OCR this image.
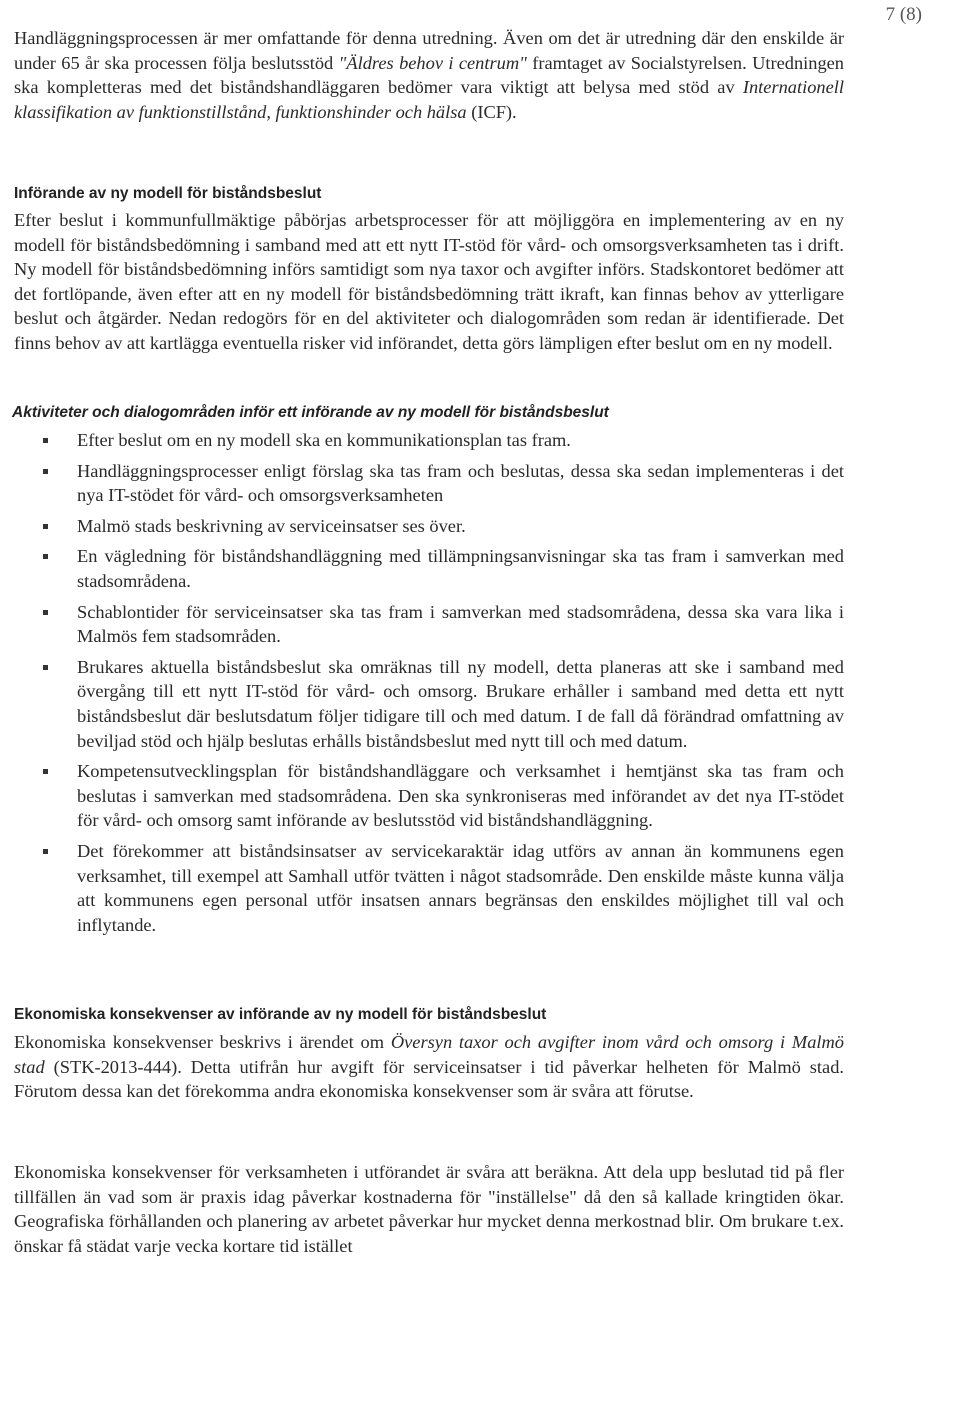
7 (8)

Handläggningsprocessen är mer omfattande för denna utredning. Även om det är utredning där den enskilde är under 65 år ska processen följa beslutsstöd "Äldres behov i centrum" framtaget av Socialstyrelsen. Utredningen ska kompletteras med det biståndshandläggaren bedömer vara viktigt att belysa med stöd av Internationell klassifikation av funktionstillstånd, funktionshinder och hälsa (ICF).

Införande av ny modell för biståndsbeslut

Efter beslut i kommunfullmäktige påbörjas arbetsprocesser för att möjliggöra en implementering av en ny modell för biståndsbedömning i samband med att ett nytt IT-stöd för vård- och omsorgsverksamheten tas i drift. Ny modell för biståndsbedömning införs samtidigt som nya taxor och avgifter införs. Stadskontoret bedömer att det fortlöpande, även efter att en ny modell för biståndsbedömning trätt ikraft, kan finnas behov av ytterligare beslut och åtgärder. Nedan redogörs för en del aktiviteter och dialogområden som redan är identifierade. Det finns behov av att kartlägga eventuella risker vid införandet, detta görs lämpligen efter beslut om en ny modell.

Aktiviteter och dialogområden inför ett införande av ny modell för biståndsbeslut
Efter beslut om en ny modell ska en kommunikationsplan tas fram.
Handläggningsprocesser enligt förslag ska tas fram och beslutas, dessa ska sedan implementeras i det nya IT-stödet för vård- och omsorgsverksamheten
Malmö stads beskrivning av serviceinsatser ses över.
En vägledning för biståndshandläggning med tillämpningsanvisningar ska tas fram i samverkan med stadsområdena.
Schablontider för serviceinsatser ska tas fram i samverkan med stadsområdena, dessa ska vara lika i Malmös fem stadsområden.
Brukares aktuella biståndsbeslut ska omräknas till ny modell, detta planeras att ske i samband med övergång till ett nytt IT-stöd för vård- och omsorg. Brukare erhåller i samband med detta ett nytt biståndsbeslut där beslutsdatum följer tidigare till och med datum. I de fall då förändrad omfattning av beviljad stöd och hjälp beslutas erhålls biståndsbeslut med nytt till och med datum.
Kompetensutvecklingsplan för biståndshandläggare och verksamhet i hemtjänst ska tas fram och beslutas i samverkan med stadsområdena. Den ska synkroniseras med införandet av det nya IT-stödet för vård- och omsorg samt införande av beslutsstöd vid biståndshandläggning.
Det förekommer att biståndsinsatser av servicekaraktär idag utförs av annan än kommunens egen verksamhet, till exempel att Samhall utför tvätten i något stadsområde. Den enskilde måste kunna välja att kommunens egen personal utför insatsen annars begränsas den enskildes möjlighet till val och inflytande.
Ekonomiska konsekvenser av införande av ny modell för biståndsbeslut

Ekonomiska konsekvenser beskrivs i ärendet om Översyn taxor och avgifter inom vård och omsorg i Malmö stad (STK-2013-444). Detta utifrån hur avgift för serviceinsatser i tid påverkar helheten för Malmö stad. Förutom dessa kan det förekomma andra ekonomiska konsekvenser som är svåra att förutse.

Ekonomiska konsekvenser för verksamheten i utförandet är svåra att beräkna. Att dela upp beslutad tid på fler tillfällen än vad som är praxis idag påverkar kostnaderna för "inställelse" då den så kallade kringtiden ökar. Geografiska förhållanden och planering av arbetet påverkar hur mycket denna merkostnad blir. Om brukare t.ex. önskar få städat varje vecka kortare tid istället
